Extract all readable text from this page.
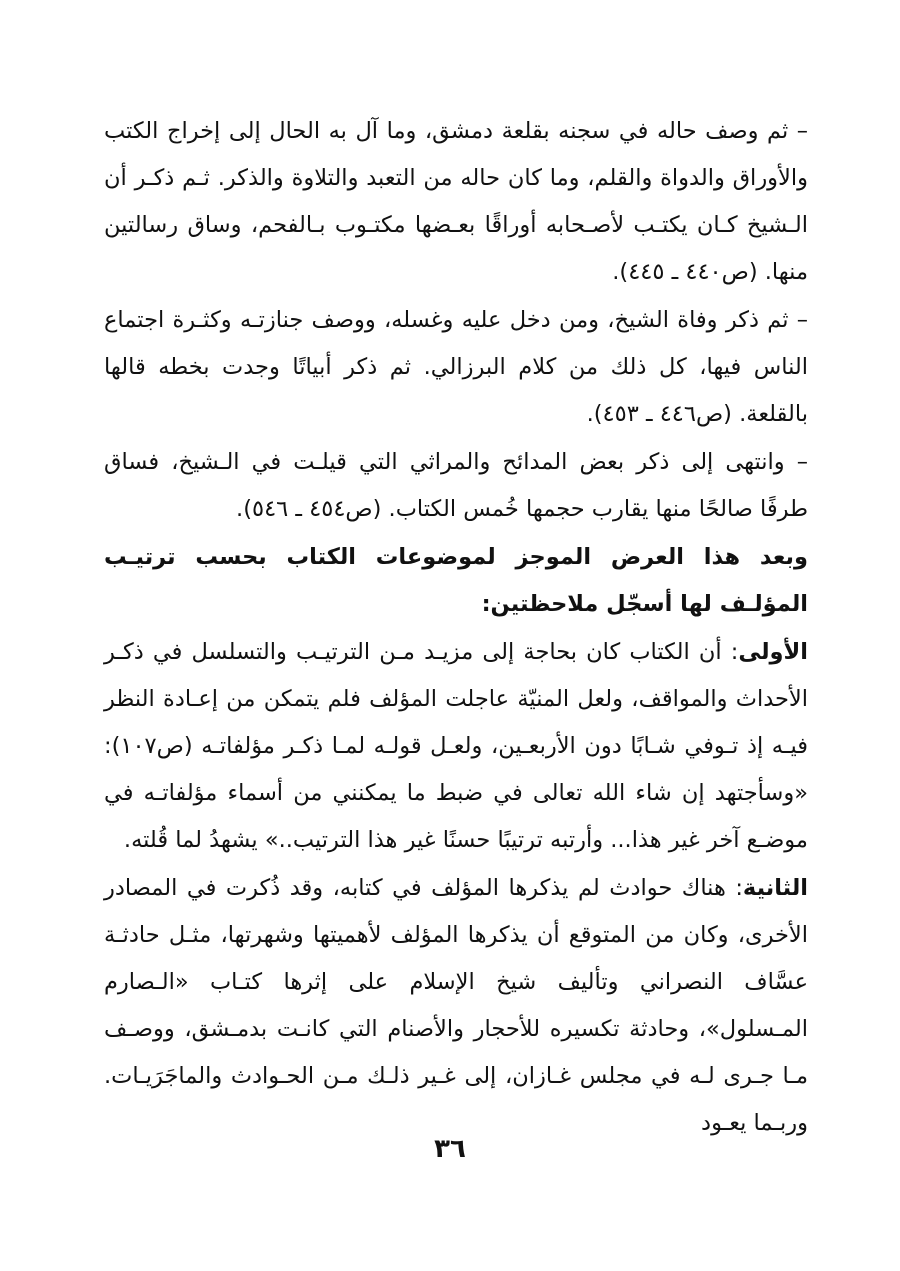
– ثم وصف حاله في سجنه بقلعة دمشق، وما آل به الحال إلى إخراج الكتب والأوراق والدواة والقلم، وما كان حاله من التعبد والتلاوة والذكر. ثـم ذكـر أن الـشيخ كـان يكتـب لأصـحابه أوراقًا بعـضها مكتـوب بـالفحم، وساق رسالتين منها. (ص٤٤٠ ـ ٤٤٥).

– ثم ذكر وفاة الشيخ، ومن دخل عليه وغسله، ووصف جنازتـه وكثـرة اجتماع الناس فيها، كل ذلك من كلام البرزالي. ثم ذكر أبياتًا وجدت بخطه قالها بالقلعة. (ص٤٤٦ ـ ٤٥٣).

– وانتهى إلى ذكر بعض المدائح والمراثي التي قيلـت في الـشيخ، فساق طرفًا صالحًا منها يقارب حجمها خُمس الكتاب. (ص٤٥٤ ـ ٥٤٦).

وبعد هذا العرض الموجز لموضوعات الكتاب بحسب ترتيـب المؤلـف لها أسجّل ملاحظتين:

الأولى: أن الكتاب كان بحاجة إلى مزيـد مـن الترتيـب والتسلسل في ذكـر الأحداث والمواقف، ولعل المنيّة عاجلت المؤلف فلم يتمكن من إعـادة النظر فيـه إذ تـوفي شـابًا دون الأربعـين، ولعـل قولـه لمـا ذكـر مؤلفاتـه (ص١٠٧): «وسأجتهد إن شاء الله تعالى في ضبط ما يمكنني من أسماء مؤلفاتـه في موضـع آخر غير هذا... وأرتبه ترتيبًا حسنًا غير هذا الترتيب..» يشهدُ لما قُلته.

الثانية: هناك حوادث لم يذكرها المؤلف في كتابه، وقد ذُكرت في المصادر الأخرى، وكان من المتوقع أن يذكرها المؤلف لأهميتها وشهرتها، مثـل حادثـة عسَّاف النصراني وتأليف شيخ الإسلام على إثرها كتـاب «الـصارم المـسلول»، وحادثة تكسيره للأحجار والأصنام التي كانـت بدمـشق، ووصـف مـا جـرى لـه في مجلس غـازان، إلى غـير ذلـك مـن الحـوادث والماجَرَيـات. وربـما يعـود

٣٦
